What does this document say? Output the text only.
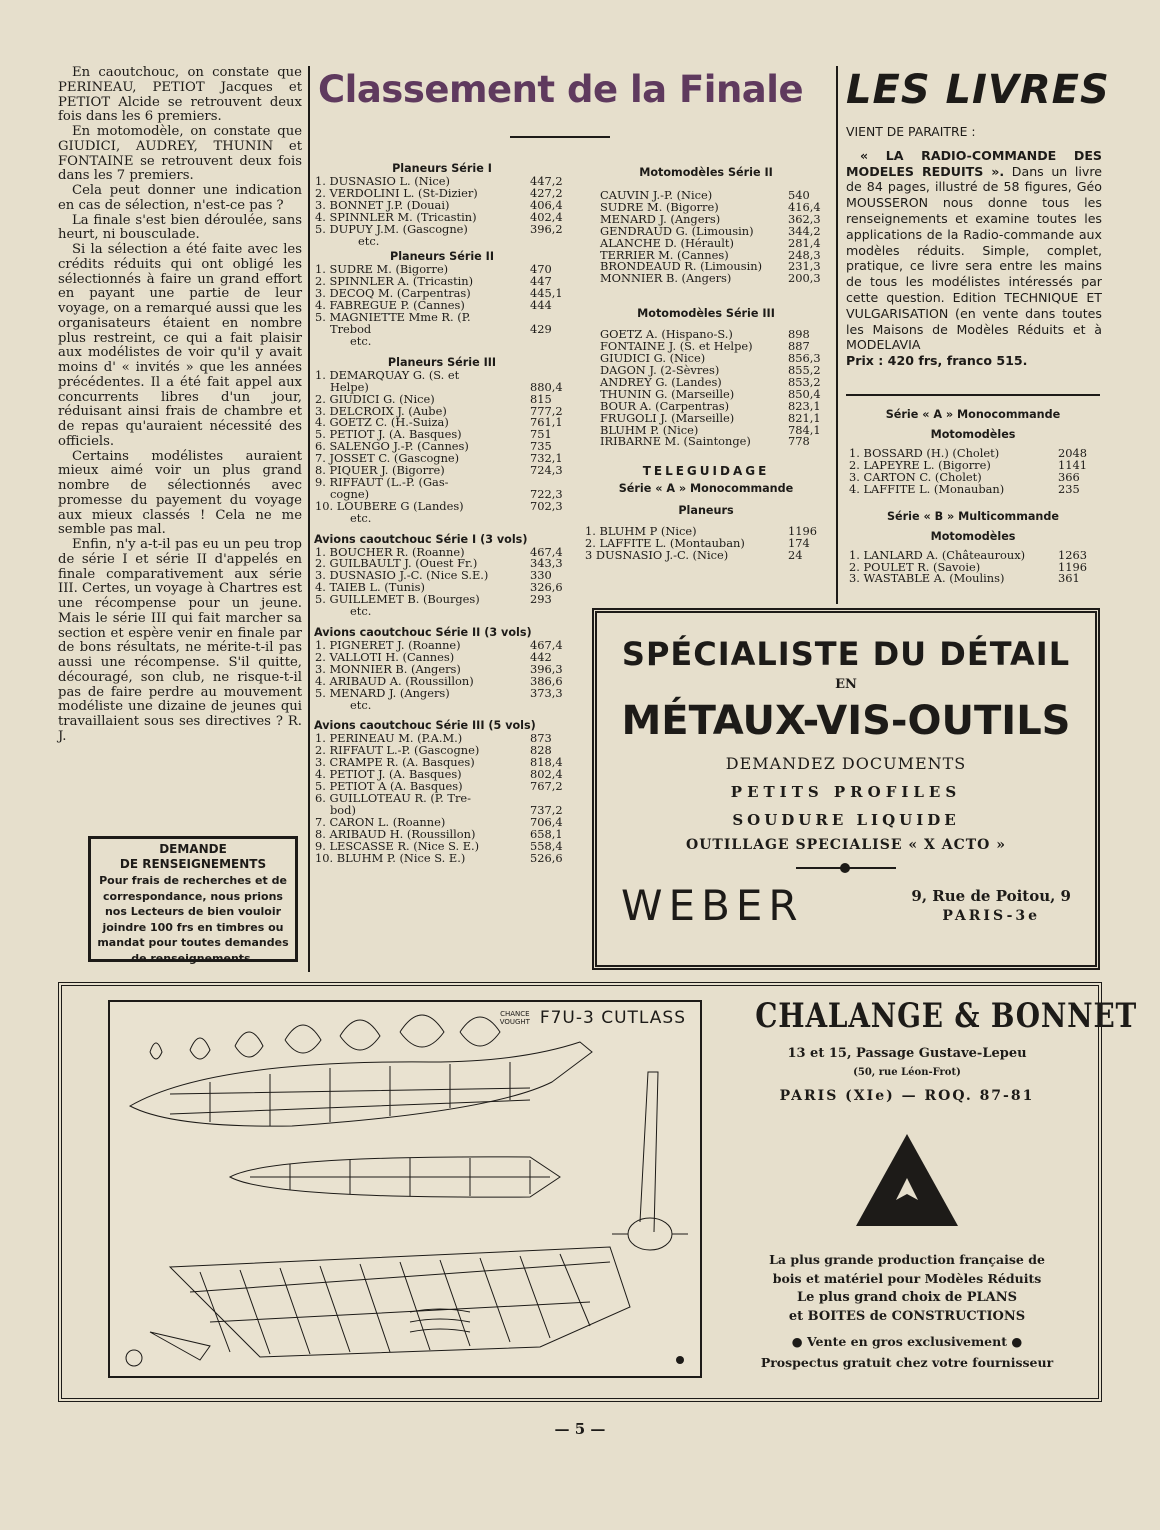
En caoutchouc, on constate que PERINEAU, PETIOT Jacques et PETIOT Alcide se retrouvent deux fois dans les 6 premiers.

En motomodèle, on constate que GIUDICI, AUDREY, THUNIN et FONTAINE se retrouvent deux fois dans les 7 premiers.

Cela peut donner une indication en cas de sélection, n'est-ce pas ?

La finale s'est bien déroulée, sans heurt, ni bousculade.

Si la sélection a été faite avec les crédits réduits qui ont obligé les sélectionnés à faire un grand effort en payant une partie de leur voyage, on a remarqué aussi que les organisateurs étaient en nombre plus restreint, ce qui a fait plaisir aux modélistes de voir qu'il y avait moins d' « invités » que les années précédentes. Il a été fait appel aux concurrents libres d'un jour, réduisant ainsi frais de chambre et de repas qu'auraient nécessité des officiels.

Certains modélistes auraient mieux aimé voir un plus grand nombre de sélectionnés avec promesse du payement du voyage aux mieux classés ! Cela ne me semble pas mal.

Enfin, n'y a-t-il pas eu un peu trop de série I et série II d'appelés en finale comparativement aux série III. Certes, un voyage à Chartres est une récompense pour un jeune. Mais le série III qui fait marcher sa section et espère venir en finale par de bons résultats, ne mérite-t-il pas aussi une récompense. S'il quitte, découragé, son club, ne risque-t-il pas de faire perdre au mouvement modéliste une dizaine de jeunes qui travaillaient sous ses directives ? R. J.

DEMANDE
DE RENSEIGNEMENTS
Pour frais de recherches et de correspondance, nous prions nos Lecteurs de bien vouloir joindre 100 frs en timbres ou mandat pour toutes demandes de renseignements.
Classement de la Finale
Planeurs Série I
1. DUSNASIO L. (Nice)	447,2
2. VERDOLINI L. (St-Dizier)	427,2
3. BONNET J.P. (Douai)	406,4
4. SPINNLER M. (Tricastin)	402,4
5. DUPUY J.M. (Gascogne)	396,2
etc.
Planeurs Série II
1. SUDRE M. (Bigorre)	470
2. SPINNLER A. (Tricastin)	447
3. DECOQ M. (Carpentras)	445,1
4. FABREGUE P. (Cannes)	444
5. MAGNIETTE Mme R. (P.
Trebod	429
etc.
Planeurs Série III
1. DEMARQUAY G. (S. et
Helpe)	880,4
2. GIUDICI G. (Nice)	815
3. DELCROIX J. (Aube)	777,2
4. GOETZ C. (H.-Suiza)	761,1
5. PETIOT J. (A. Basques)	751
6. SALENGO J.-P. (Cannes)	735
7. JOSSET C. (Gascogne)	732,1
8. PIQUER J. (Bigorre)	724,3
9. RIFFAUT (L.-P. (Gas-
cogne)	722,3
10. LOUBERE G (Landes)	702,3
etc.
Avions caoutchouc Série I (3 vols)
1. BOUCHER R. (Roanne)	467,4
2. GUILBAULT J. (Ouest Fr.)	343,3
3. DUSNASIO J.-C. (Nice S.E.)	330
4. TAIEB L. (Tunis)	326,6
5. GUILLEMET B. (Bourges)	293
etc.
Avions caoutchouc Série II (3 vols)
1. PIGNERET J. (Roanne)	467,4
2. VALLOTI H. (Cannes)	442
3. MONNIER B. (Angers)	396,3
4. ARIBAUD A. (Roussillon)	386,6
5. MENARD J. (Angers)	373,3
etc.
Avions caoutchouc Série III (5 vols)
1. PERINEAU M. (P.A.M.)	873
2. RIFFAUT L.-P. (Gascogne)	828
3. CRAMPE R. (A. Basques)	818,4
4. PETIOT J. (A. Basques)	802,4
5. PETIOT A (A. Basques)	767,2
6. GUILLOTEAU R. (P. Tre-
bod)	737,2
7. CARON L. (Roanne)	706,4
8. ARIBAUD H. (Roussillon)	658,1
9. LESCASSE R. (Nice S. E.)	558,4
10. BLUHM P. (Nice S. E.)	526,6
Motomodèles Série II
CAUVIN J.-P. (Nice)	540
SUDRE M. (Bigorre)	416,4
MENARD J. (Angers)	362,3
GENDRAUD G. (Limousin)	344,2
ALANCHE D. (Hérault)	281,4
TERRIER M. (Cannes)	248,3
BRONDEAUD R. (Limousin) 231,3
MONNIER B. (Angers)	200,3
Motomodèles Série III
GOETZ A. (Hispano-S.)	898
FONTAINE J. (S. et Helpe)	887
GIUDICI G. (Nice)	856,3
DAGON J. (2-Sèvres)	855,2
ANDREY G. (Landes)	853,2
THUNIN G. (Marseille)	850,4
BOUR A. (Carpentras)	823,1
FRUGOLI J. (Marseille)	821,1
BLUHM P. (Nice)	784,1
IRIBARNE M. (Saintonge)	778
TELEGUIDAGE
Série « A » Monocommande
Planeurs
1. BLUHM P (Nice)	1196
2. LAFFITE L. (Montauban)	174
3 DUSNASIO J.-C. (Nice)	24
LES LIVRES
VIENT DE PARAITRE :
« LA RADIO-COMMANDE DES MODELES REDUITS ». Dans un livre de 84 pages, illustré de 58 figures, Géo MOUSSERON nous donne tous les renseignements et examine toutes les applications de la Radio-commande aux modèles réduits. Simple, complet, pratique, ce livre sera entre les mains de tous les modélistes intéressés par cette question. Edition TECHNIQUE ET VULGARISATION (en vente dans toutes les Maisons de Modèles Réduits et à MODELAVIA
Prix : 420 frs, franco 515.
Série « A » Monocommande
Motomodèles
1. BOSSARD (H.) (Cholet)	2048
2. LAPEYRE L. (Bigorre)	1141
3. CARTON C. (Cholet)	366
4. LAFFITE L. (Monauban)	235
Série « B » Multicommande
Motomodèles
1. LANLARD A. (Châteauroux)	1263
2. POULET R. (Savoie)	1196
3. WASTABLE A. (Moulins)	361
SPÉCIALISTE DU DÉTAIL
EN
MÉTAUX-VIS-OUTILS
DEMANDEZ DOCUMENTS
PETITS PROFILES
SOUDURE LIQUIDE
OUTILLAGE SPECIALISE « X ACTO »
WEBER	9, Rue de Poitou, 9
PARIS-3e
CHANCE VOUGHT F7U-3 CUTLASS CHALANGE & BONNET
13 et 15, Passage Gustave-Lepeu
(50, rue Léon-Frot)
PARIS (XIe) — ROQ. 87-81
La plus grande production française de
bois et matériel pour Modèles Réduits
Le plus grand choix de PLANS
et BOITES de CONSTRUCTIONS
● Vente en gros exclusivement ●
Prospectus gratuit chez votre fournisseur
— 5 —
